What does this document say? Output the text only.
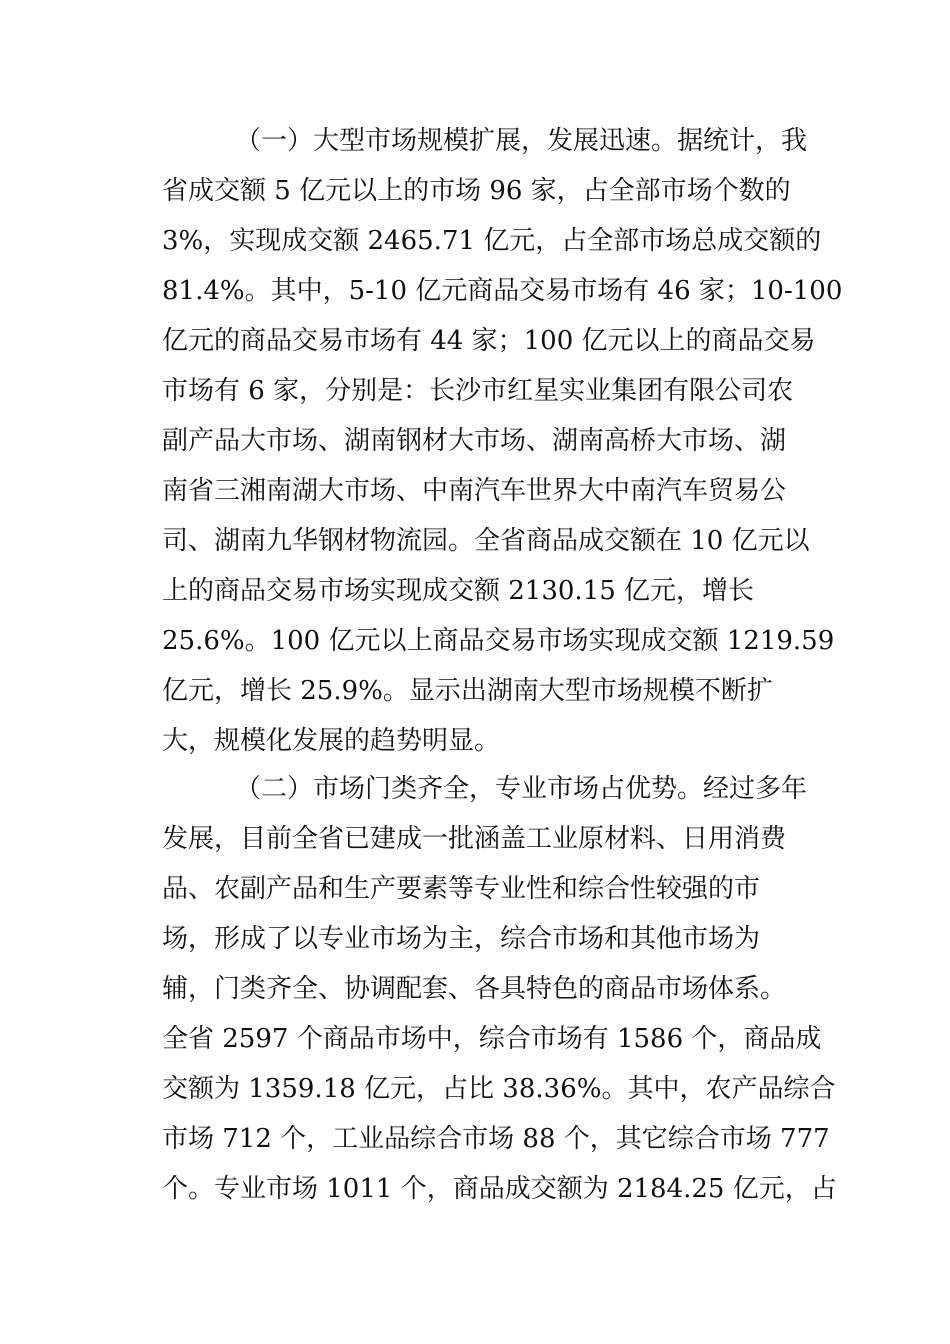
（一）大型市场规模扩展，发展迅速。据统计，我
省成交额 5 亿元以上的市场 96 家，占全部市场个数的
3%，实现成交额 2465.71 亿元，占全部市场总成交额的
81.4%。其中，5-10 亿元商品交易市场有 46 家；10-100
亿元的商品交易市场有 44 家；100 亿元以上的商品交易
市场有 6 家，分别是：长沙市红星实业集团有限公司农
副产品大市场、湖南钢材大市场、湖南高桥大市场、湖
南省三湘南湖大市场、中南汽车世界大中南汽车贸易公
司、湖南九华钢材物流园。全省商品成交额在 10 亿元以
上的商品交易市场实现成交额 2130.15 亿元，增长
25.6%。100 亿元以上商品交易市场实现成交额 1219.59
亿元，增长 25.9%。显示出湖南大型市场规模不断扩
大，规模化发展的趋势明显。
（二）市场门类齐全，专业市场占优势。经过多年
发展，目前全省已建成一批涵盖工业原材料、日用消费
品、农副产品和生产要素等专业性和综合性较强的市
场，形成了以专业市场为主，综合市场和其他市场为
辅，门类齐全、协调配套、各具特色的商品市场体系。
全省 2597 个商品市场中，综合市场有 1586 个，商品成
交额为 1359.18 亿元，占比 38.36%。其中，农产品综合
市场 712 个，工业品综合市场 88 个，其它综合市场 777
个。专业市场 1011 个，商品成交额为 2184.25 亿元，占
